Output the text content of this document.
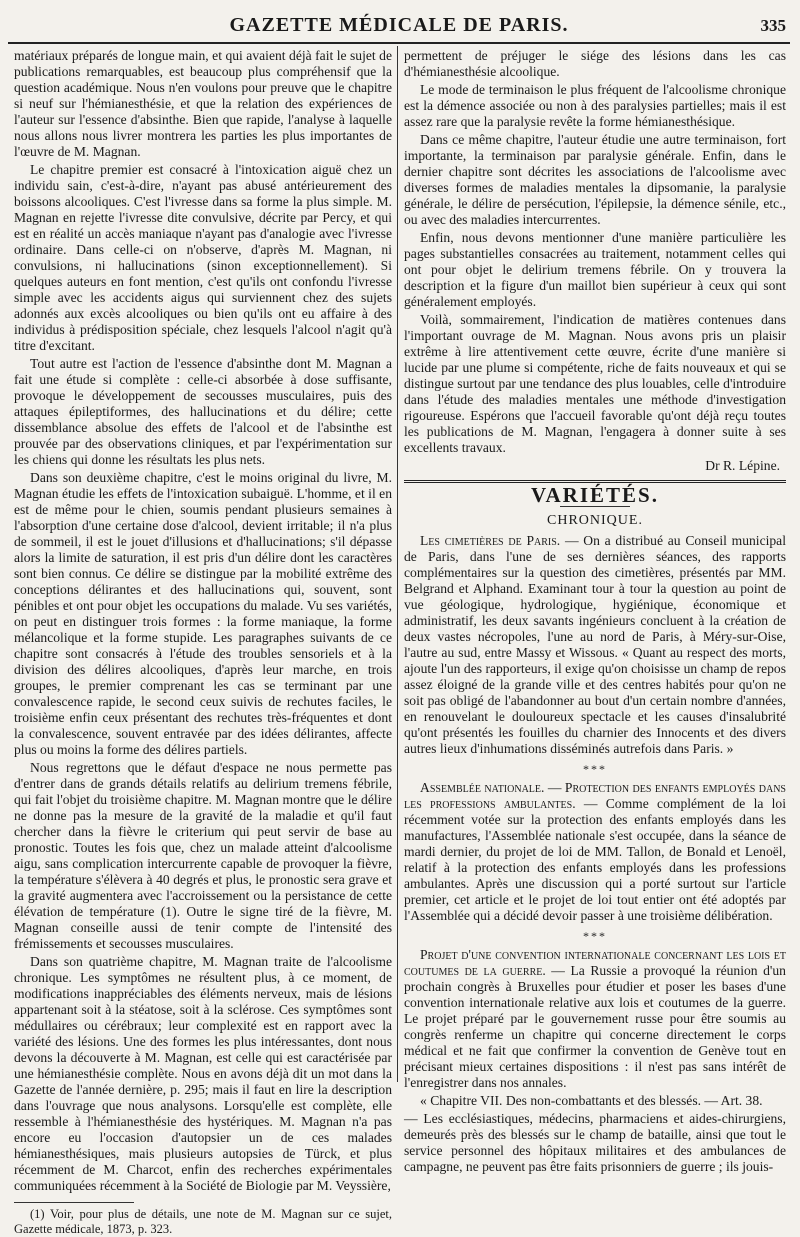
GAZETTE MÉDICALE DE PARIS.	335

matériaux préparés de longue main, et qui avaient déjà fait le sujet de publications remarquables, est beaucoup plus compréhensif que la question académique. Nous n'en voulons pour preuve que le chapitre si neuf sur l'hémianesthésie, et que la relation des expériences de l'auteur sur l'essence d'absinthe. Bien que rapide, l'analyse à laquelle nous allons nous livrer montrera les parties les plus importantes de l'œuvre de M. Magnan.

Le chapitre premier est consacré à l'intoxication aiguë chez un individu sain, c'est-à-dire, n'ayant pas abusé antérieurement des boissons alcooliques. C'est l'ivresse dans sa forme la plus simple. M. Magnan en rejette l'ivresse dite convulsive, décrite par Percy, et qui est en réalité un accès maniaque n'ayant pas d'analogie avec l'ivresse ordinaire. Dans celle-ci on n'observe, d'après M. Magnan, ni convulsions, ni hallucinations (sinon exceptionnellement). Si quelques auteurs en font mention, c'est qu'ils ont confondu l'ivresse simple avec les accidents aigus qui surviennent chez des sujets adonnés aux excès alcooliques ou bien qu'ils ont eu affaire à des individus à prédisposition spéciale, chez lesquels l'alcool n'agit qu'à titre d'excitant.

Tout autre est l'action de l'essence d'absinthe dont M. Magnan a fait une étude si complète : celle-ci absorbée à dose suffisante, provoque le développement de secousses musculaires, puis des attaques épileptiformes, des hallucinations et du délire; cette dissemblance absolue des effets de l'alcool et de l'absinthe est prouvée par des observations cliniques, et par l'expérimentation sur les chiens qui donne les résultats les plus nets.

Dans son deuxième chapitre, c'est le moins original du livre, M. Magnan étudie les effets de l'intoxication subaiguë. L'homme, et il en est de même pour le chien, soumis pendant plusieurs semaines à l'absorption d'une certaine dose d'alcool, devient irritable; il n'a plus de sommeil, il est le jouet d'illusions et d'hallucinations; s'il dépasse alors la limite de saturation, il est pris d'un délire dont les caractères sont bien connus. Ce délire se distingue par la mobilité extrême des conceptions délirantes et des hallucinations qui, souvent, sont pénibles et ont pour objet les occupations du malade. Vu ses variétés, on peut en distinguer trois formes : la forme maniaque, la forme mélancolique et la forme stupide. Les paragraphes suivants de ce chapitre sont consacrés à l'étude des troubles sensoriels et à la division des délires alcooliques, d'après leur marche, en trois groupes, le premier comprenant les cas se terminant par une convalescence rapide, le second ceux suivis de rechutes faciles, le troisième enfin ceux présentant des rechutes très-fréquentes et dont la convalescence, souvent entravée par des idées délirantes, affecte plus ou moins la forme des délires partiels.

Nous regrettons que le défaut d'espace ne nous permette pas d'entrer dans de grands détails relatifs au delirium tremens fébrile, qui fait l'objet du troisième chapitre. M. Magnan montre que le délire ne donne pas la mesure de la gravité de la maladie et qu'il faut chercher dans la fièvre le criterium qui peut servir de base au pronostic. Toutes les fois que, chez un malade atteint d'alcoolisme aigu, sans complication intercurrente capable de provoquer la fièvre, la température s'élèvera à 40 degrés et plus, le pronostic sera grave et la gravité augmentera avec l'accroissement ou la persistance de cette élévation de température (1). Outre le signe tiré de la fièvre, M. Magnan conseille aussi de tenir compte de l'intensité des frémissements et secousses musculaires.

Dans son quatrième chapitre, M. Magnan traite de l'alcoolisme chronique. Les symptômes ne résultent plus, à ce moment, de modifications inappréciables des éléments nerveux, mais de lésions appartenant soit à la stéatose, soit à la sclérose. Ces symptômes sont médullaires ou cérébraux; leur complexité est en rapport avec la variété des lésions. Une des formes les plus intéressantes, dont nous devons la découverte à M. Magnan, est celle qui est caractérisée par une hémianesthésie complète. Nous en avons déjà dit un mot dans la Gazette de l'année dernière, p. 295; mais il faut en lire la description dans l'ouvrage que nous analysons. Lorsqu'elle est complète, elle ressemble à l'hémianesthésie des hystériques. M. Magnan n'a pas encore eu l'occasion d'autopsier un de ces malades hémianesthésiques, mais plusieurs autopsies de Türck, et plus récemment de M. Charcot, enfin des recherches expérimentales communiquées récemment à la Société de Biologie par M. Veyssière,

(1) Voir, pour plus de détails, une note de M. Magnan sur ce sujet, Gazette médicale, 1873, p. 323.

permettent de préjuger le siége des lésions dans les cas d'hémianesthésie alcoolique.

Le mode de terminaison le plus fréquent de l'alcoolisme chronique est la démence associée ou non à des paralysies partielles; mais il est assez rare que la paralysie revête la forme hémianesthésique.

Dans ce même chapitre, l'auteur étudie une autre terminaison, fort importante, la terminaison par paralysie générale. Enfin, dans le dernier chapitre sont décrites les associations de l'alcoolisme avec diverses formes de maladies mentales la dipsomanie, la paralysie générale, le délire de persécution, l'épilepsie, la démence sénile, etc., ou avec des maladies intercurrentes.

Enfin, nous devons mentionner d'une manière particulière les pages substantielles consacrées au traitement, notamment celles qui ont pour objet le delirium tremens fébrile. On y trouvera la description et la figure d'un maillot bien supérieur à ceux qui sont généralement employés.

Voilà, sommairement, l'indication de matières contenues dans l'important ouvrage de M. Magnan. Nous avons pris un plaisir extrême à lire attentivement cette œuvre, écrite d'une manière si lucide par une plume si compétente, riche de faits nouveaux et qui se distingue surtout par une tendance des plus louables, celle d'introduire dans l'étude des maladies mentales une méthode d'investigation rigoureuse. Espérons que l'accueil favorable qu'ont déjà reçu toutes les publications de M. Magnan, l'engagera à donner suite à ses excellents travaux.

Dr R. Lépine.
VARIÉTÉS.
CHRONIQUE.

Les cimetières de Paris. — On a distribué au Conseil municipal de Paris, dans l'une de ses dernières séances, des rapports complémentaires sur la question des cimetières, présentés par MM. Belgrand et Alphand. Examinant tour à tour la question au point de vue géologique, hydrologique, hygiénique, économique et administratif, les deux savants ingénieurs concluent à la création de deux vastes nécropoles, l'une au nord de Paris, à Méry-sur-Oise, l'autre au sud, entre Massy et Wissous. « Quant au respect des morts, ajoute l'un des rapporteurs, il exige qu'on choisisse un champ de repos assez éloigné de la grande ville et des centres habités pour qu'on ne soit pas obligé de l'abandonner au bout d'un certain nombre d'années, en renouvelant le douloureux spectacle et les causes d'insalubrité qu'ont présentés les fouilles du charnier des Innocents et des divers autres lieux d'inhumations disséminés autrefois dans Paris. »

***

Assemblée nationale. — Protection des enfants employés dans les professions ambulantes. — Comme complément de la loi récemment votée sur la protection des enfants employés dans les manufactures, l'Assemblée nationale s'est occupée, dans la séance de mardi dernier, du projet de loi de MM. Tallon, de Bonald et Lenoël, relatif à la protection des enfants employés dans les professions ambulantes. Après une discussion qui a porté surtout sur l'article premier, cet article et le projet de loi tout entier ont été adoptés par l'Assemblée qui a décidé devoir passer à une troisième délibération.

***

Projet d'une convention internationale concernant les lois et coutumes de la guerre. — La Russie a provoqué la réunion d'un prochain congrès à Bruxelles pour étudier et poser les bases d'une convention internationale relative aux lois et coutumes de la guerre. Le projet préparé par le gouvernement russe pour être soumis au congrès renferme un chapitre qui concerne directement le corps médical et ne fait que confirmer la convention de Genève tout en précisant mieux certaines dispositions : il n'est pas sans intérêt de l'enregistrer dans nos annales.

« Chapitre VII. Des non-combattants et des blessés. — Art. 38.

— Les ecclésiastiques, médecins, pharmaciens et aides-chirurgiens, demeurés près des blessés sur le champ de bataille, ainsi que tout le service personnel des hôpitaux militaires et des ambulances de campagne, ne peuvent pas être faits prisonniers de guerre ; ils jouis-
